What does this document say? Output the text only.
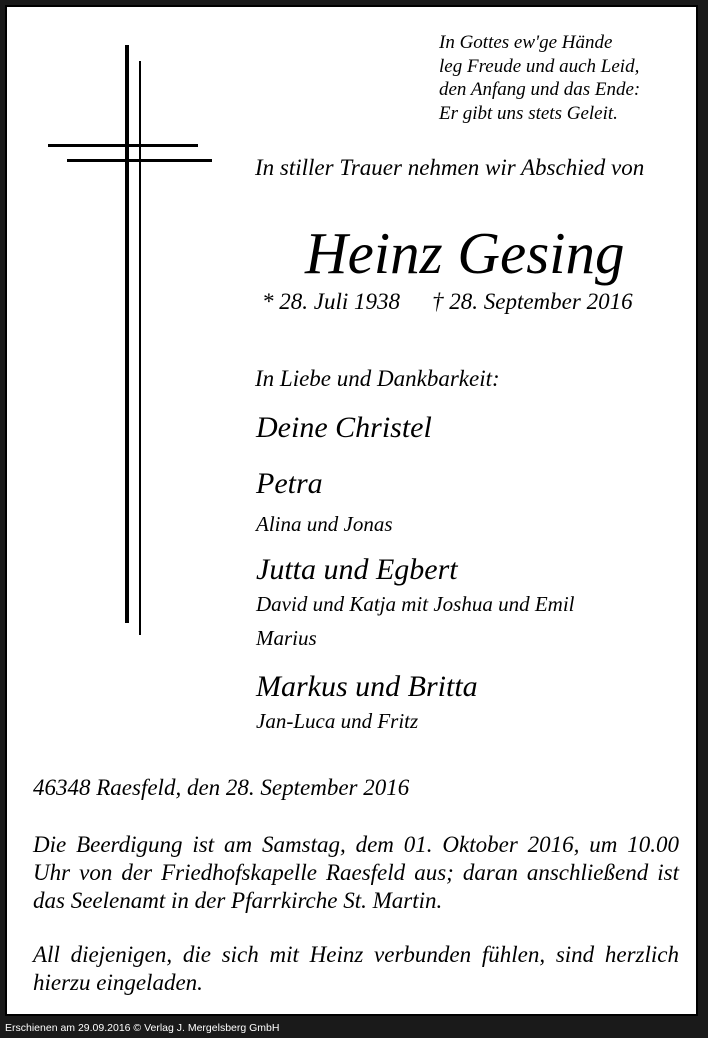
In Gottes ew'ge Hände
leg Freude und auch Leid,
den Anfang und das Ende:
Er gibt uns stets Geleit.
In stiller Trauer nehmen wir Abschied von
Heinz Gesing
* 28. Juli 1938 † 28. September 2016
In Liebe und Dankbarkeit:
Deine Christel
Petra
Alina und Jonas
Jutta und Egbert
David und Katja mit Joshua und Emil
Marius
Markus und Britta
Jan-Luca und Fritz
46348 Raesfeld, den 28. September 2016
Die Beerdigung ist am Samstag, dem 01. Oktober 2016, um 10.00 Uhr von der Friedhofskapelle Raesfeld aus; daran anschließend ist das Seelenamt in der Pfarrkirche St. Martin.
All diejenigen, die sich mit Heinz verbunden fühlen, sind herzlich hierzu eingeladen.
Erschienen am 29.09.2016 © Verlag J. Mergelsberg GmbH
